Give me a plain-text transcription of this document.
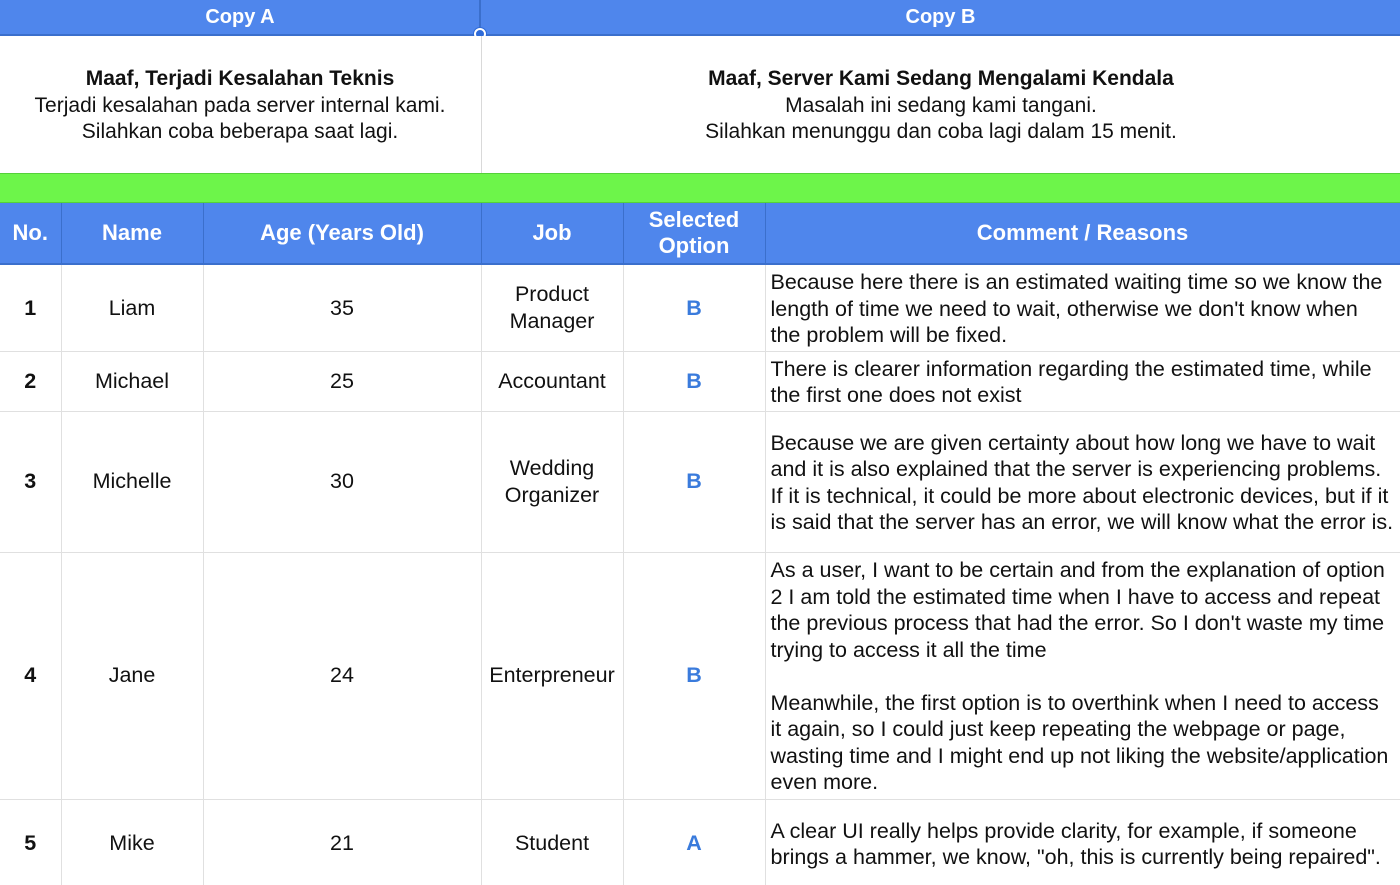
Copy A	Copy B
Maaf, Terjadi Kesalahan Teknis
Terjadi kesalahan pada server internal kami.
Silahkan coba beberapa saat lagi.
Maaf, Server Kami Sedang Mengalami Kendala
Masalah ini sedang kami tangani.
Silahkan menunggu dan coba lagi dalam 15 menit.
No.	Name	Age (Years Old)	Job	Selected Option	Comment / Reasons
1	Liam	35	Product Manager	B	Because here there is an estimated waiting time so we know the length of time we need to wait, otherwise we don't know when the problem will be fixed.
2	Michael	25	Accountant	B	There is clearer information regarding the estimated time, while the first one does not exist
3	Michelle	30	Wedding Organizer	B	Because we are given certainty about how long we have to wait and it is also explained that the server is experiencing problems. If it is technical, it could be more about electronic devices, but if it is said that the server has an error, we will know what the error is.
4	Jane	24	Enterpreneur	B	As a user, I want to be certain and from the explanation of option 2 I am told the estimated time when I have to access and repeat the previous process that had the error. So I don't waste my time trying to access it all the time

Meanwhile, the first option is to overthink when I need to access it again, so I could just keep repeating the webpage or page, wasting time and I might end up not liking the website/application even more.
5	Mike	21	Student	A	A clear UI really helps provide clarity, for example, if someone brings a hammer, we know, "oh, this is currently being repaired".
